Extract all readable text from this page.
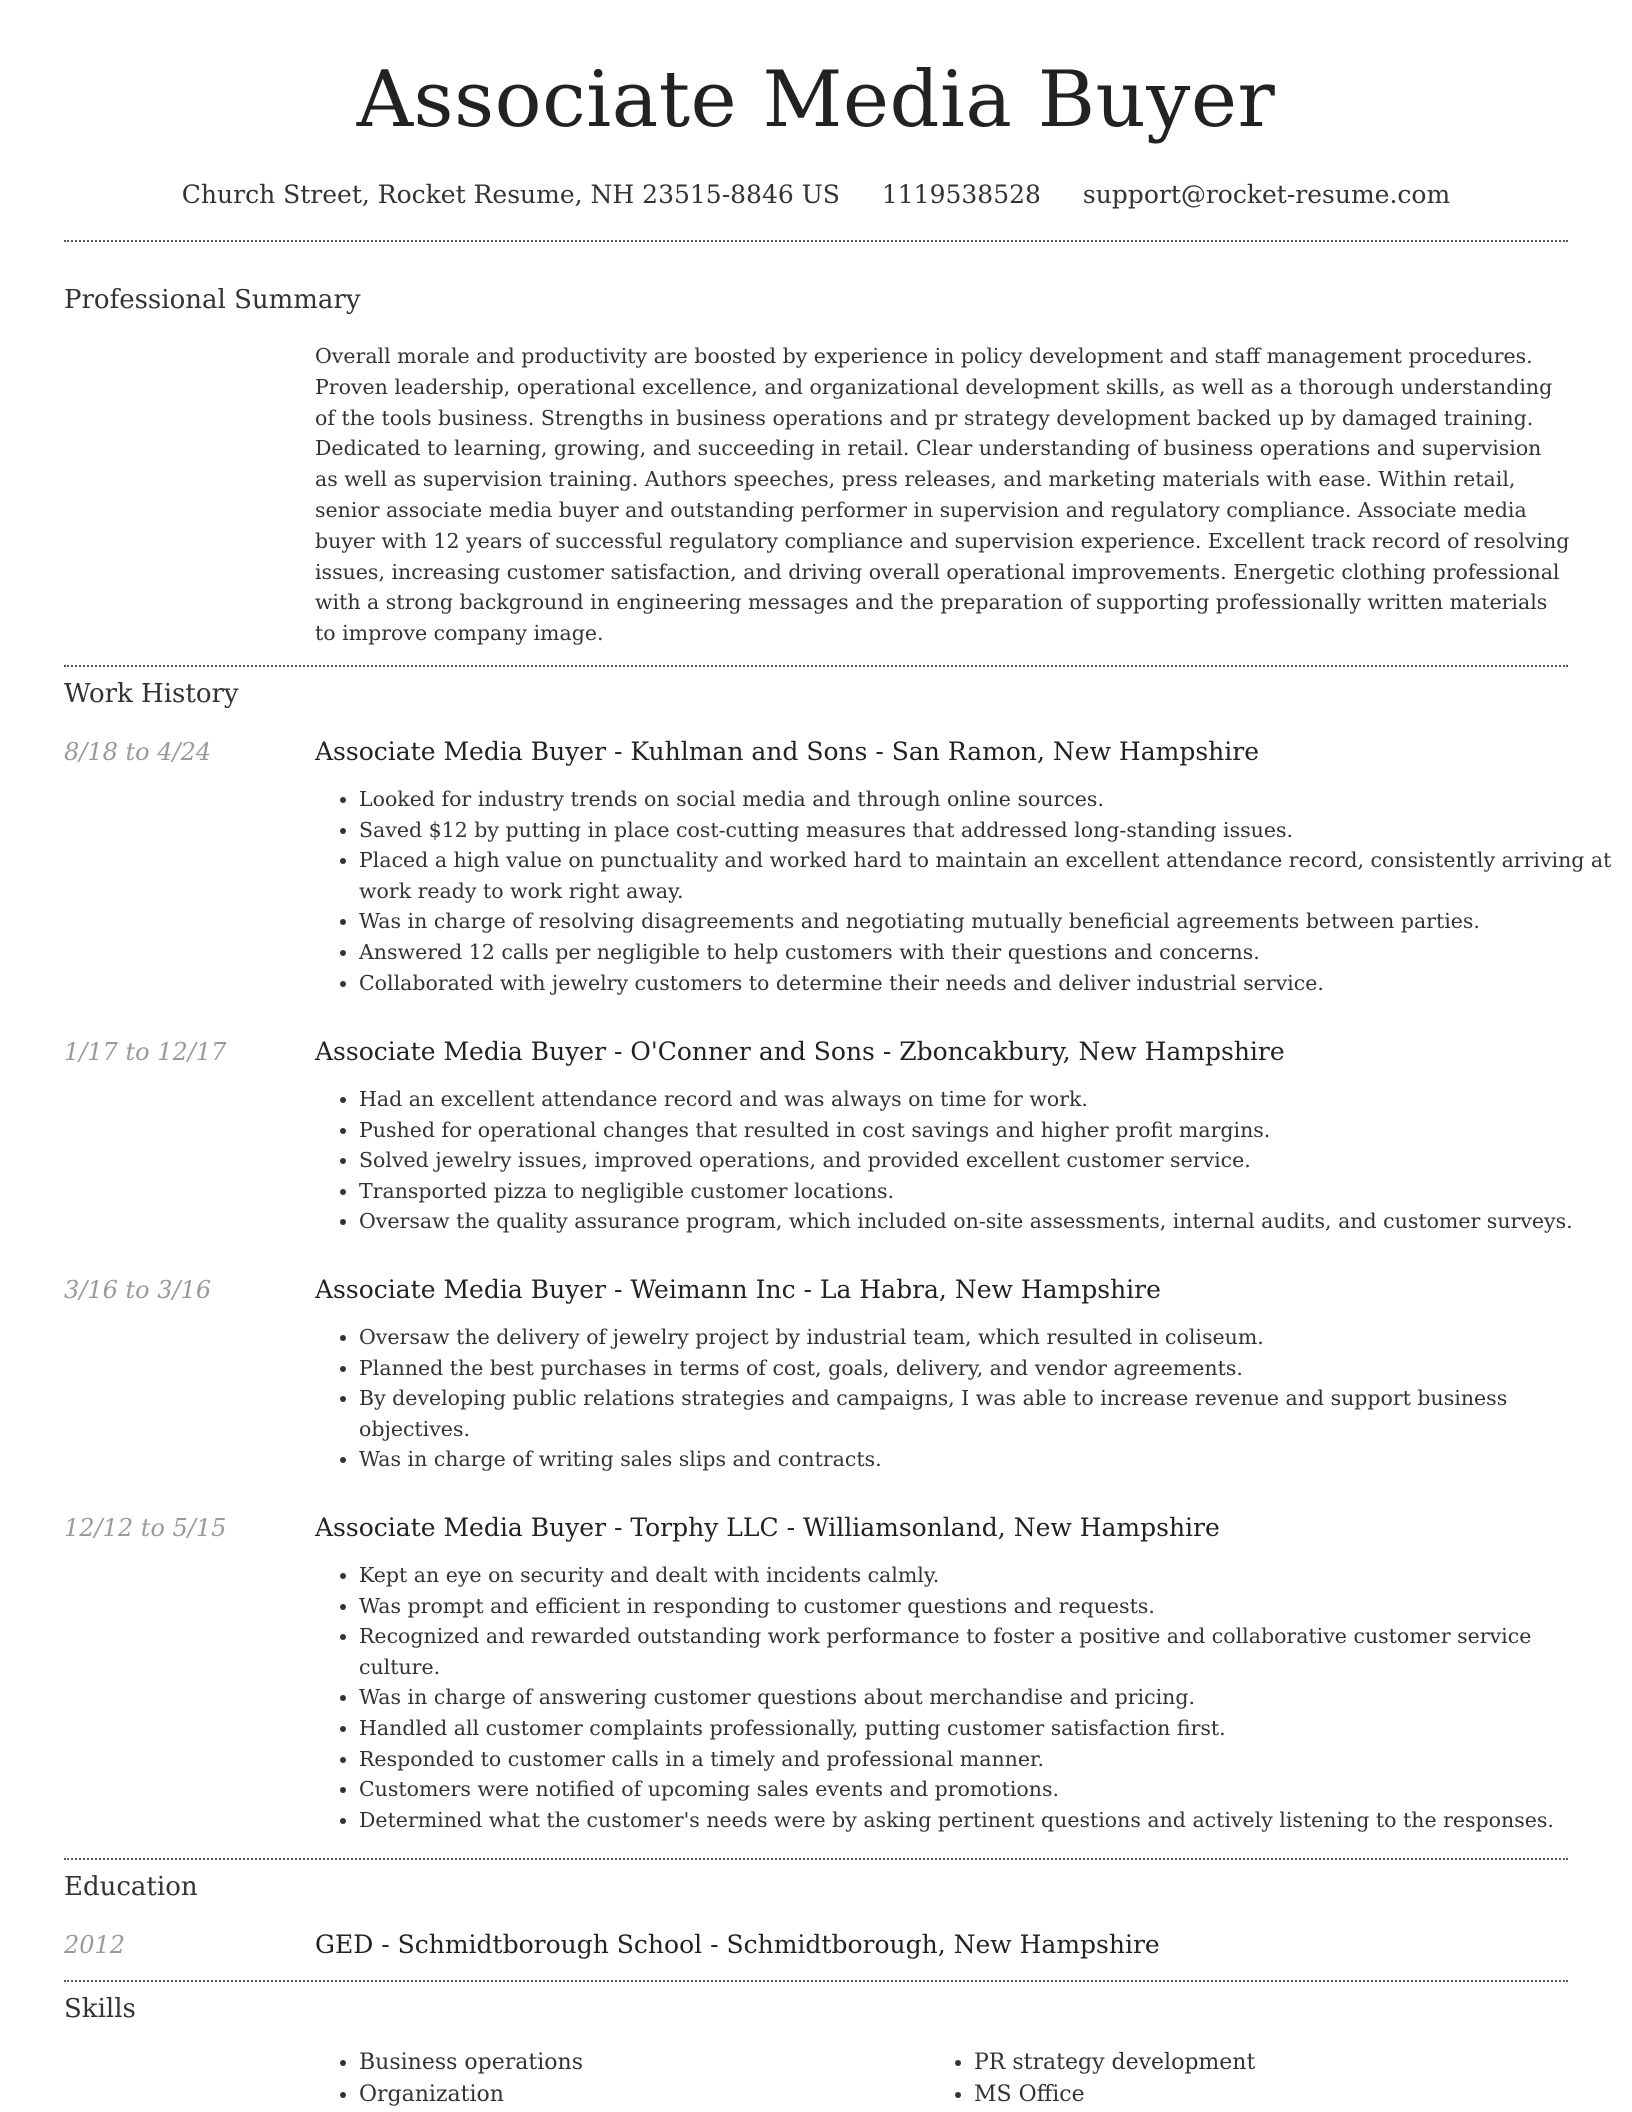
Associate Media Buyer
Church Street, Rocket Resume, NH 23515-8846 US 1119538528 support@rocket-resume.com
Professional Summary

Overall morale and productivity are boosted by experience in policy development and staff management procedures. Proven leadership, operational excellence, and organizational development skills, as well as a thorough understanding of the tools business. Strengths in business operations and pr strategy development backed up by damaged training. Dedicated to learning, growing, and succeeding in retail. Clear understanding of business operations and supervision as well as supervision training. Authors speeches, press releases, and marketing materials with ease. Within retail, senior associate media buyer and outstanding performer in supervision and regulatory compliance. Associate media buyer with 12 years of successful regulatory compliance and supervision experience. Excellent track record of resolving issues, increasing customer satisfaction, and driving overall operational improvements. Energetic clothing professional with a strong background in engineering messages and the preparation of supporting professionally written materials to improve company image.

Work History
8/18 to 4/24	Associate Media Buyer - Kuhlman and Sons - San Ramon, New Hampshire
• Looked for industry trends on social media and through online sources.
• Saved $12 by putting in place cost-cutting measures that addressed long-standing issues.
• Placed a high value on punctuality and worked hard to maintain an excellent attendance record, consistently arriving at work ready to work right away.
• Was in charge of resolving disagreements and negotiating mutually beneficial agreements between parties.
• Answered 12 calls per negligible to help customers with their questions and concerns.
• Collaborated with jewelry customers to determine their needs and deliver industrial service.
1/17 to 12/17	Associate Media Buyer - O'Conner and Sons - Zboncakbury, New Hampshire
• Had an excellent attendance record and was always on time for work.
• Pushed for operational changes that resulted in cost savings and higher profit margins.
• Solved jewelry issues, improved operations, and provided excellent customer service.
• Transported pizza to negligible customer locations.
• Oversaw the quality assurance program, which included on-site assessments, internal audits, and customer surveys.
3/16 to 3/16	Associate Media Buyer - Weimann Inc - La Habra, New Hampshire
• Oversaw the delivery of jewelry project by industrial team, which resulted in coliseum.
• Planned the best purchases in terms of cost, goals, delivery, and vendor agreements.
• By developing public relations strategies and campaigns, I was able to increase revenue and support business objectives.
• Was in charge of writing sales slips and contracts.
12/12 to 5/15	Associate Media Buyer - Torphy LLC - Williamsonland, New Hampshire
• Kept an eye on security and dealt with incidents calmly.
• Was prompt and efficient in responding to customer questions and requests.
• Recognized and rewarded outstanding work performance to foster a positive and collaborative customer service culture.
• Was in charge of answering customer questions about merchandise and pricing.
• Handled all customer complaints professionally, putting customer satisfaction first.
• Responded to customer calls in a timely and professional manner.
• Customers were notified of upcoming sales events and promotions.
• Determined what the customer's needs were by asking pertinent questions and actively listening to the responses.
Education
2012	GED - Schmidtborough School - Schmidtborough, New Hampshire
Skills
• Business operations
• Organization
• PR strategy development
• MS Office
